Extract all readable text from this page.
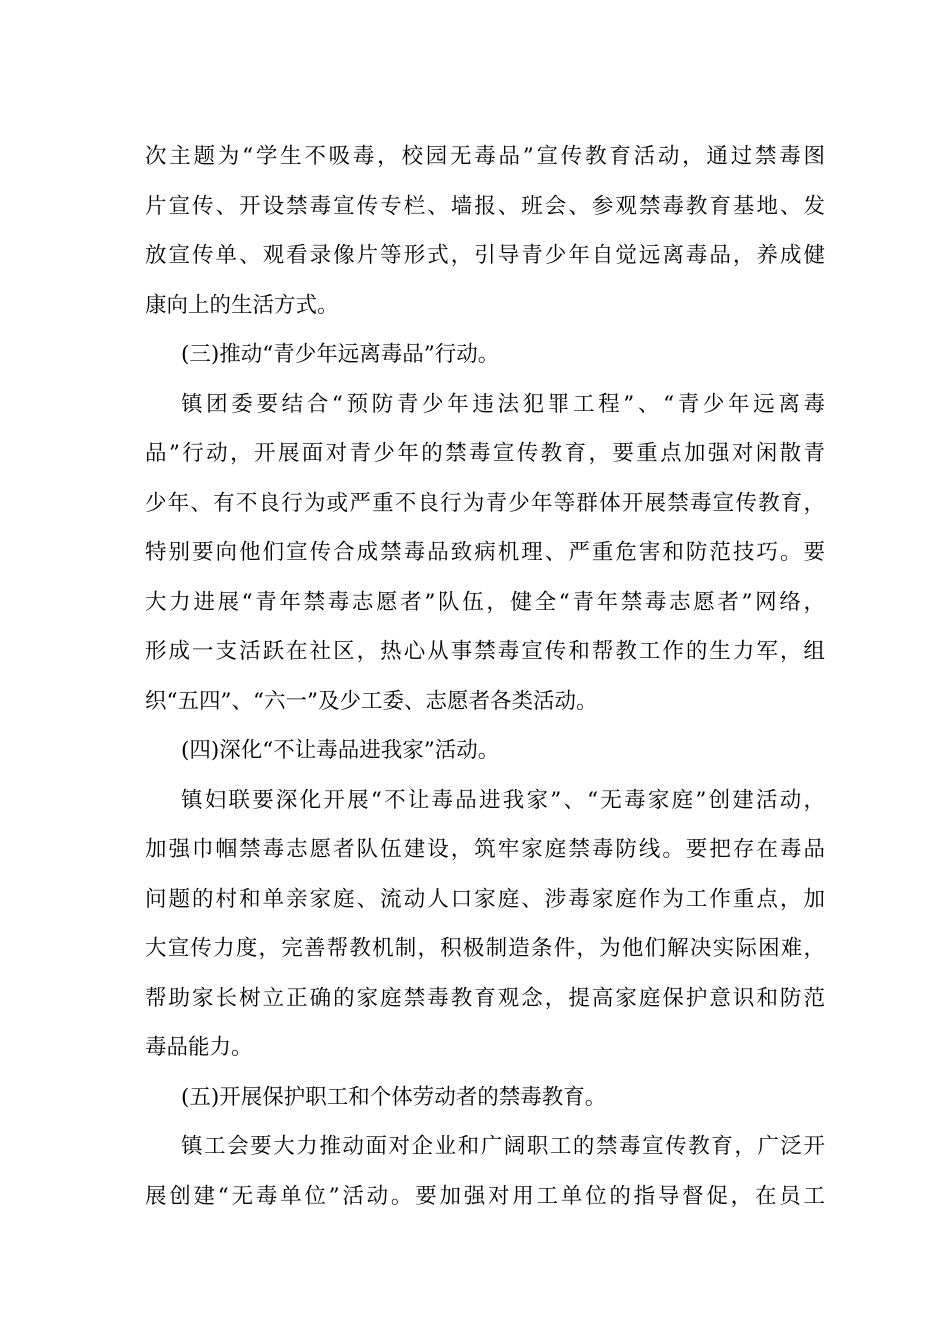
次主题为“学生不吸毒，校园无毒品”宣传教育活动，通过禁毒图
片宣传、开设禁毒宣传专栏、墙报、班会、参观禁毒教育基地、发
放宣传单、观看录像片等形式，引导青少年自觉远离毒品，养成健
康向上的生活方式。
(三)推动“青少年远离毒品”行动。
镇团委要结合“预防青少年违法犯罪工程”、“青少年远离毒
品”行动，开展面对青少年的禁毒宣传教育，要重点加强对闲散青
少年、有不良行为或严重不良行为青少年等群体开展禁毒宣传教育，
特别要向他们宣传合成禁毒品致病机理、严重危害和防范技巧。要
大力进展“青年禁毒志愿者”队伍，健全“青年禁毒志愿者”网络，
形成一支活跃在社区，热心从事禁毒宣传和帮教工作的生力军，组
织“五四”、“六一”及少工委、志愿者各类活动。
(四)深化“不让毒品进我家”活动。
镇妇联要深化开展“不让毒品进我家”、“无毒家庭”创建活动，
加强巾帼禁毒志愿者队伍建设，筑牢家庭禁毒防线。要把存在毒品
问题的村和单亲家庭、流动人口家庭、涉毒家庭作为工作重点，加
大宣传力度，完善帮教机制，积极制造条件，为他们解决实际困难，
帮助家长树立正确的家庭禁毒教育观念，提高家庭保护意识和防范
毒品能力。
(五)开展保护职工和个体劳动者的禁毒教育。
镇工会要大力推动面对企业和广阔职工的禁毒宣传教育，广泛开
展创建“无毒单位”活动。要加强对用工单位的指导督促，在员工
